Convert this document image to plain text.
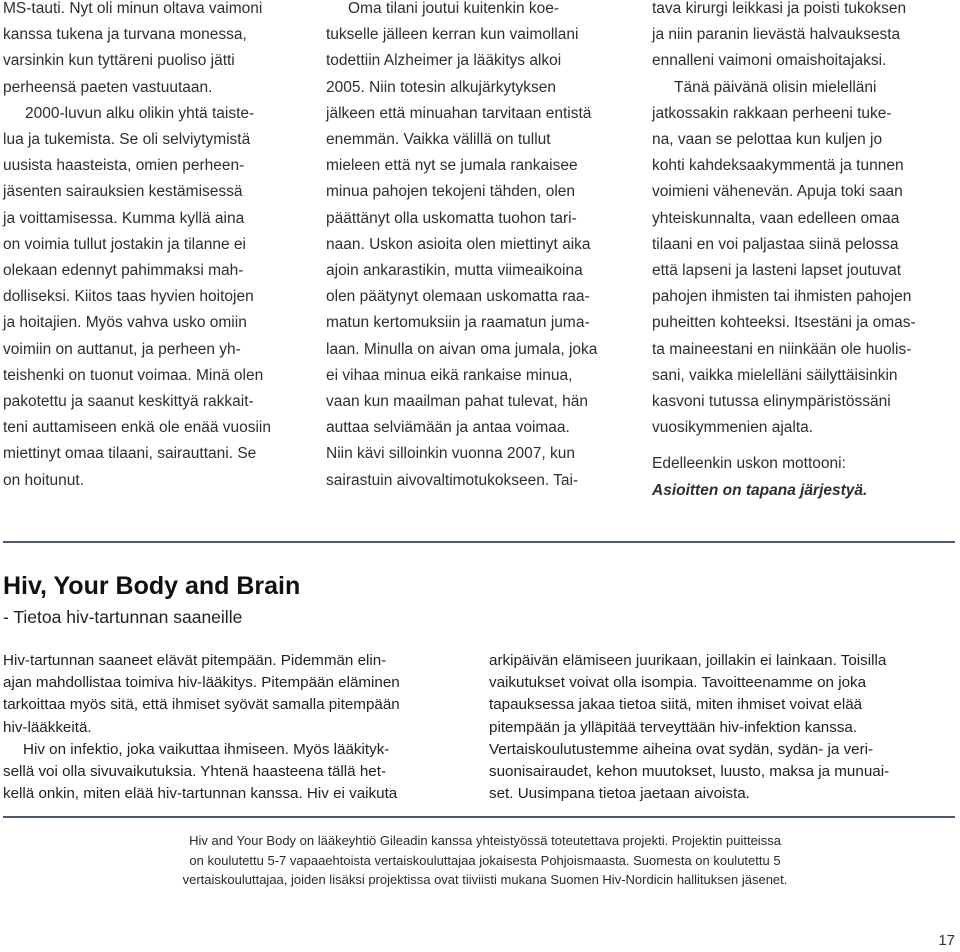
MS-tauti. Nyt oli minun oltava vaimoni
kanssa tukena ja turvana monessa,
varsinkin kun tyttäreni puoliso jätti
perheensä paeten vastuutaan.
2000-luvun alku olikin yhtä taiste-
lua ja tukemista. Se oli selviytymistä
uusista haasteista, omien perheen-
jäsenten sairauksien kestämisessä
ja voittamisessa. Kumma kyllä aina
on voimia tullut jostakin ja tilanne ei
olekaan edennyt pahimmaksi mah-
dolliseksi. Kiitos taas hyvien hoitojen
ja hoitajien. Myös vahva usko omiin
voimiin on auttanut, ja perheen yh-
teishenki on tuonut voimaa. Minä olen
pakotettu ja saanut keskittyä rakkait-
teni auttamiseen enkä ole enää vuosiin
miettinyt omaa tilaani, sairauttani. Se
on hoitunut.
Oma tilani joutui kuitenkin koe-
tukselle jälleen kerran kun vaimollani
todettiin Alzheimer ja lääkitys alkoi
2005. Niin totesin alkujärkytyksen
jälkeen että minuahan tarvitaan entistä
enemmän. Vaikka välillä on tullut
mieleen että nyt se jumala rankaisee
minua pahojen tekojeni tähden, olen
päättänyt olla uskomatta tuohon tari-
naan. Uskon asioita olen miettinyt aika
ajoin ankarastikin, mutta viimeaikoina
olen päätynyt olemaan uskomatta raa-
matun kertomuksiin ja raamatun juma-
laan. Minulla on aivan oma jumala, joka
ei vihaa minua eikä rankaise minua,
vaan kun maailman pahat tulevat, hän
auttaa selviämään ja antaa voimaa.
Niin kävi silloinkin vuonna 2007, kun
sairastuin aivovaltimotukokseen. Tai-
tava kirurgi leikkasi ja poisti tukoksen
ja niin paranin lievästä halvauksesta
ennalleni vaimoni omaishoitajaksi.
Tänä päivänä olisin mielelläni
jatkossakin rakkaan perheeni tuke-
na, vaan se pelottaa kun kuljen jo
kohti kahdeksaakymmentä ja tunnen
voimieni vähenevän. Apuja toki saan
yhteiskunnalta, vaan edelleen omaa
tilaani en voi paljastaa siinä pelossa
että lapseni ja lasteni lapset joutuvat
pahojen ihmisten tai ihmisten pahojen
puheitten kohteeksi. Itsestäni ja omas-
ta maineestani en niinkään ole huolis-
sani, vaikka mielelläni säilyttäisinkin
kasvoni tutussa elinympäristössäni
vuosikymmenien ajalta.
Edelleenkin uskon mottooni:
Asioitten on tapana järjestyä.
Hiv, Your Body and Brain
- Tietoa hiv-tartunnan saaneille
Hiv-tartunnan saaneet elävät pitempään. Pidemmän elin-
ajan mahdollistaa toimiva hiv-lääkitys. Pitempään eläminen
tarkoittaa myös sitä, että ihmiset syövät samalla pitempään
hiv-lääkkeitä.
Hiv on infektio, joka vaikuttaa ihmiseen. Myös lääkityk-
sellä voi olla sivuvaikutuksia. Yhtenä haasteena tällä het-
kellä onkin, miten elää hiv-tartunnan kanssa. Hiv ei vaikuta
arkipäivän elämiseen juurikaan, joillakin ei lainkaan. Toisilla
vaikutukset voivat olla isompia. Tavoitteenamme on joka
tapauksessa jakaa tietoa siitä, miten ihmiset voivat elää
pitempään ja ylläpitää terveyttään hiv-infektion kanssa.
Vertaiskoulutustemme aiheina ovat sydän, sydän- ja veri-
suonisairaudet, kehon muutokset, luusto, maksa ja munuai-
set. Uusimpana tietoa jaetaan aivoista.
Hiv and Your Body on lääkeyhtiö Gileadin kanssa yhteistyössä toteutettava projekti. Projektin puitteissa
on koulutettu 5-7 vapaaehtoista vertaiskouluttajaa jokaisesta Pohjoismaasta. Suomesta on koulutettu 5
vertaiskouluttajaa, joiden lisäksi projektissa ovat tiiviisti mukana Suomen Hiv-Nordicin hallituksen jäsenet.
17
